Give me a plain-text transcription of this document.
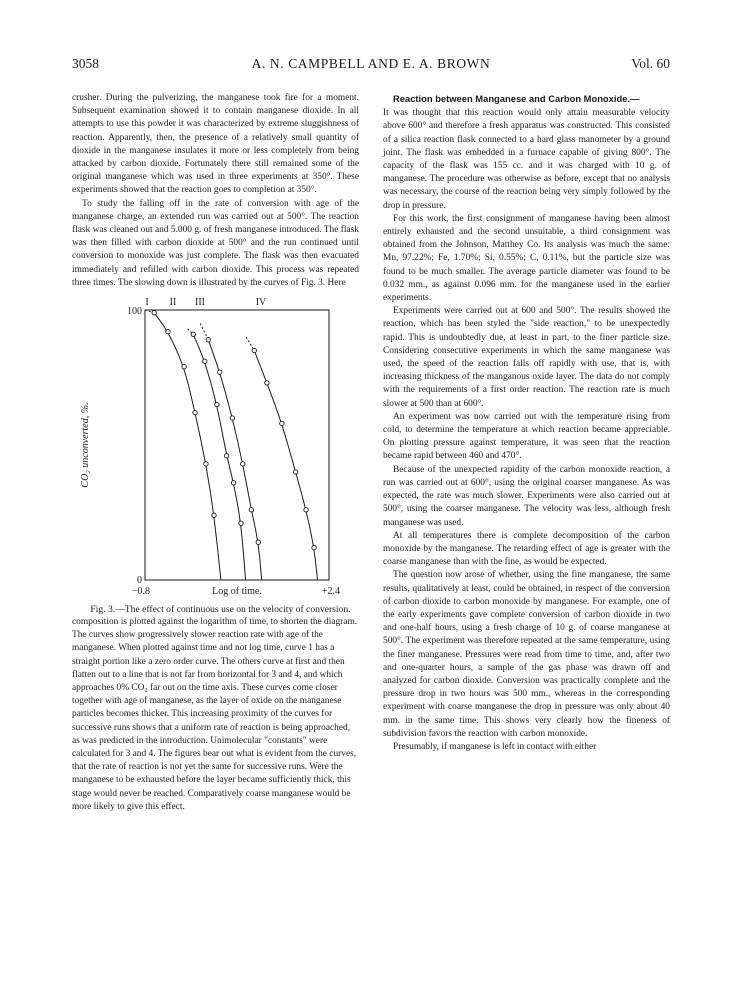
3058	A. N. CAMPBELL AND E. A. BROWN	Vol. 60

crusher. During the pulverizing, the manganese took fire for a moment. Subsequent examination showed it to contain manganese dioxide. In all attempts to use this powder it was characterized by extreme sluggishness of reaction. Apparently, then, the presence of a relatively small quantity of dioxide in the manganese insulates it more or less completely from being attacked by carbon dioxide. Fortunately there still remained some of the original manganese which was used in three experiments at 350°. These experiments showed that the reaction goes to completion at 350°.

To study the falling off in the rate of conversion with age of the manganese charge, an extended run was carried out at 500°. The reaction flask was cleaned out and 5.000 g. of fresh manganese introduced. The flask was then filled with carbon dioxide at 500° and the run continued until conversion to monoxide was just complete. The flask was then evacuated immediately and refilled with carbon dioxide. This process was repeated three times. The slowing down is illustrated by the curves of Fig. 3. Here

I II III	IV
100
0
−0.8	+2.4
CO₂ unconverted, %.
Log of time.

Fig. 3.—The effect of continuous use on the velocity of conversion.

composition is plotted against the logarithm of time, to shorten the diagram. The curves show progressively slower reaction rate with age of the manganese. When plotted against time and not log time, curve 1 has a straight portion like a zero order curve. The others curve at first and then flatten out to a line that is not far from horizontal for 3 and 4, and which approaches 0% CO₂ far out on the time axis. These curves come closer together with age of manganese, as the layer of oxide on the manganese particles becomes thicker. This increasing proximity of the curves for successive runs shows that a uniform rate of reaction is being approached, as was predicted in the introduction. Unimolecular "constants" were calculated for 3 and 4. The figures bear out what is evident from the curves, that the rate of reaction is not yet the same for successive runs. Were the manganese to be exhausted before the layer became sufficiently thick, this stage would never be reached. Comparatively coarse manganese would be more likely to give this effect.

Reaction between Manganese and Carbon Monoxide.—

It was thought that this reaction would only attain measurable velocity above 600° and therefore a fresh apparatus was constructed. This consisted of a silica reaction flask connected to a hard glass manometer by a ground joint. The flask was embedded in a furnace capable of giving 800°. The capacity of the flask was 155 cc. and it was charged with 10 g. of manganese. The procedure was otherwise as before, except that no analysis was necessary, the course of the reaction being very simply followed by the drop in pressure.

For this work, the first consignment of manganese having been almost entirely exhausted and the second unsuitable, a third consignment was obtained from the Johnson, Matthey Co. Its analysis was much the same: Mn, 97.22%; Fe, 1.70%; Si, 0.55%; C, 0.11%, but the particle size was found to be much smaller. The average particle diameter was found to be 0.032 mm., as against 0.096 mm. for the manganese used in the earlier experiments.

Experiments were carried out at 600 and 500°. The results showed the reaction, which has been styled the "side reaction," to be unexpectedly rapid. This is undoubtedly due, at least in part, to the finer particle size. Considering consecutive experiments in which the same manganese was used, the speed of the reaction falls off rapidly with use, that is, with increasing thickness of the manganous oxide layer. The data do not comply with the requirements of a first order reaction. The reaction rate is much slower at 500 than at 600°.

An experiment was now carried out with the temperature rising from cold, to determine the temperature at which reaction became appreciable. On plotting pressure against temperature, it was seen that the reaction became rapid between 460 and 470°.

Because of the unexpected rapidity of the carbon monoxide reaction, a run was carried out at 600°, using the original coarser manganese. As was expected, the rate was much slower. Experiments were also carried out at 500°, using the coarser manganese. The velocity was less, although fresh manganese was used.

At all temperatures there is complete decomposition of the carbon monoxide by the manganese. The retarding effect of age is greater with the coarse manganese than with the fine, as would be expected.

The question now arose of whether, using the fine manganese, the same results, qualitatively at least, could be obtained, in respect of the conversion of carbon dioxide to carbon monoxide by manganese. For example, one of the early experiments gave complete conversion of carbon dioxide in two and one-half hours, using a fresh charge of 10 g. of coarse manganese at 500°. The experiment was therefore repeated at the same temperature, using the finer manganese. Pressures were read from time to time, and, after two and one-quarter hours, a sample of the gas phase was drawn off and analyzed for carbon dioxide. Conversion was practically complete and the pressure drop in two hours was 500 mm., whereas in the corresponding experiment with coarse manganese the drop in pressure was only about 40 mm. in the same time. This shows very clearly how the fineness of subdivision favors the reaction with carbon monoxide.

Presumably, if manganese is left in contact with either
